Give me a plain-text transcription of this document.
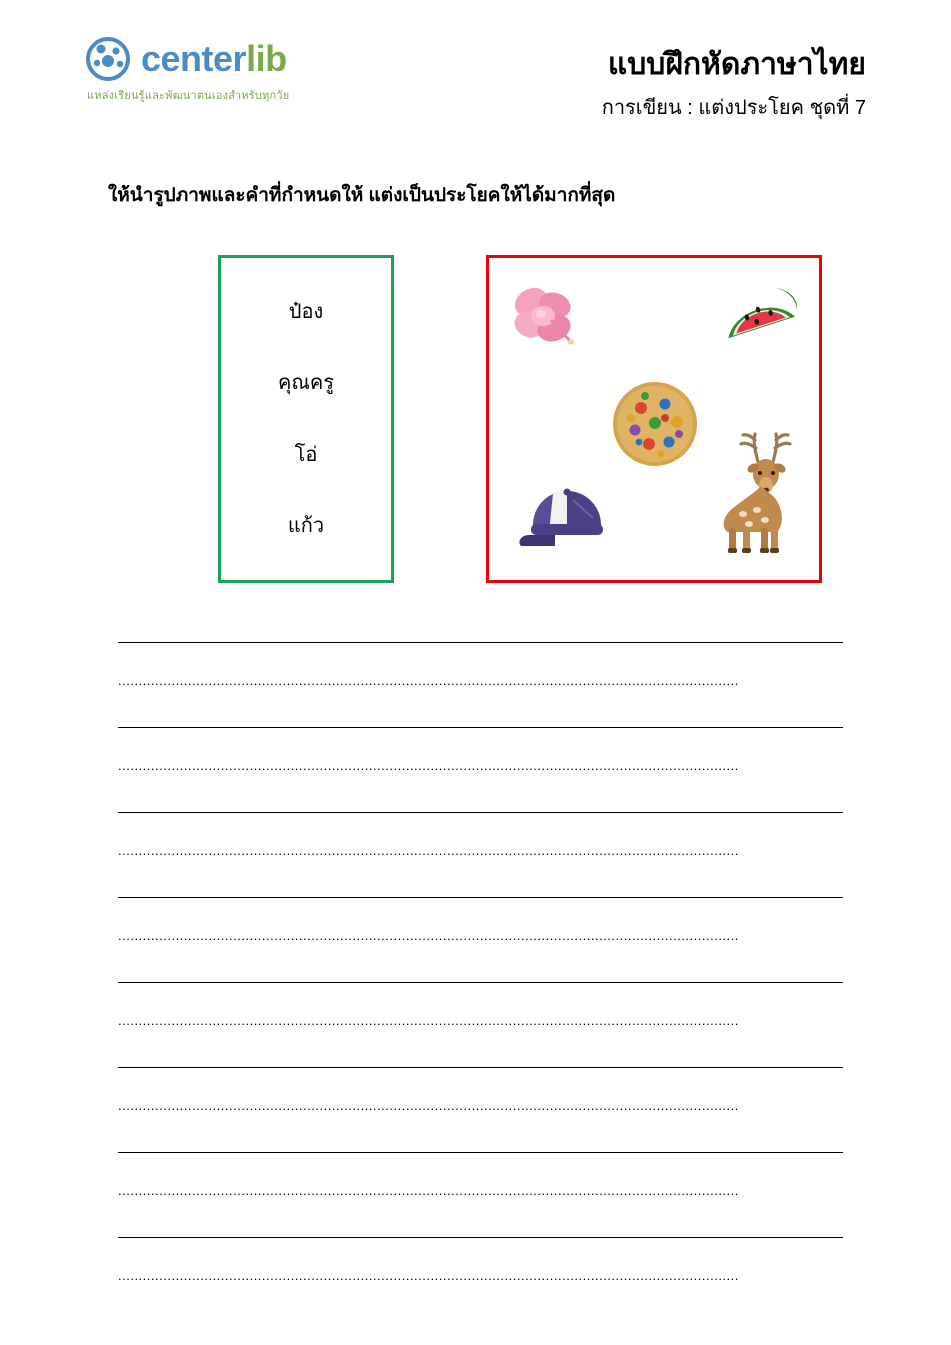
centerlib
แหล่งเรียนรู้และพัฒนาตนเองสำหรับทุกวัย
แบบฝึกหัดภาษาไทย
การเขียน : แต่งประโยค ชุดที่ 7
ให้นำรูปภาพและคำที่กำหนดให้ แต่งเป็นประโยคให้ได้มากที่สุด
ป๋อง
คุณครู
โอ่
แก้ว
.......................................................................................................................................................
.......................................................................................................................................................
.......................................................................................................................................................
.......................................................................................................................................................
.......................................................................................................................................................
.......................................................................................................................................................
.......................................................................................................................................................
.......................................................................................................................................................
